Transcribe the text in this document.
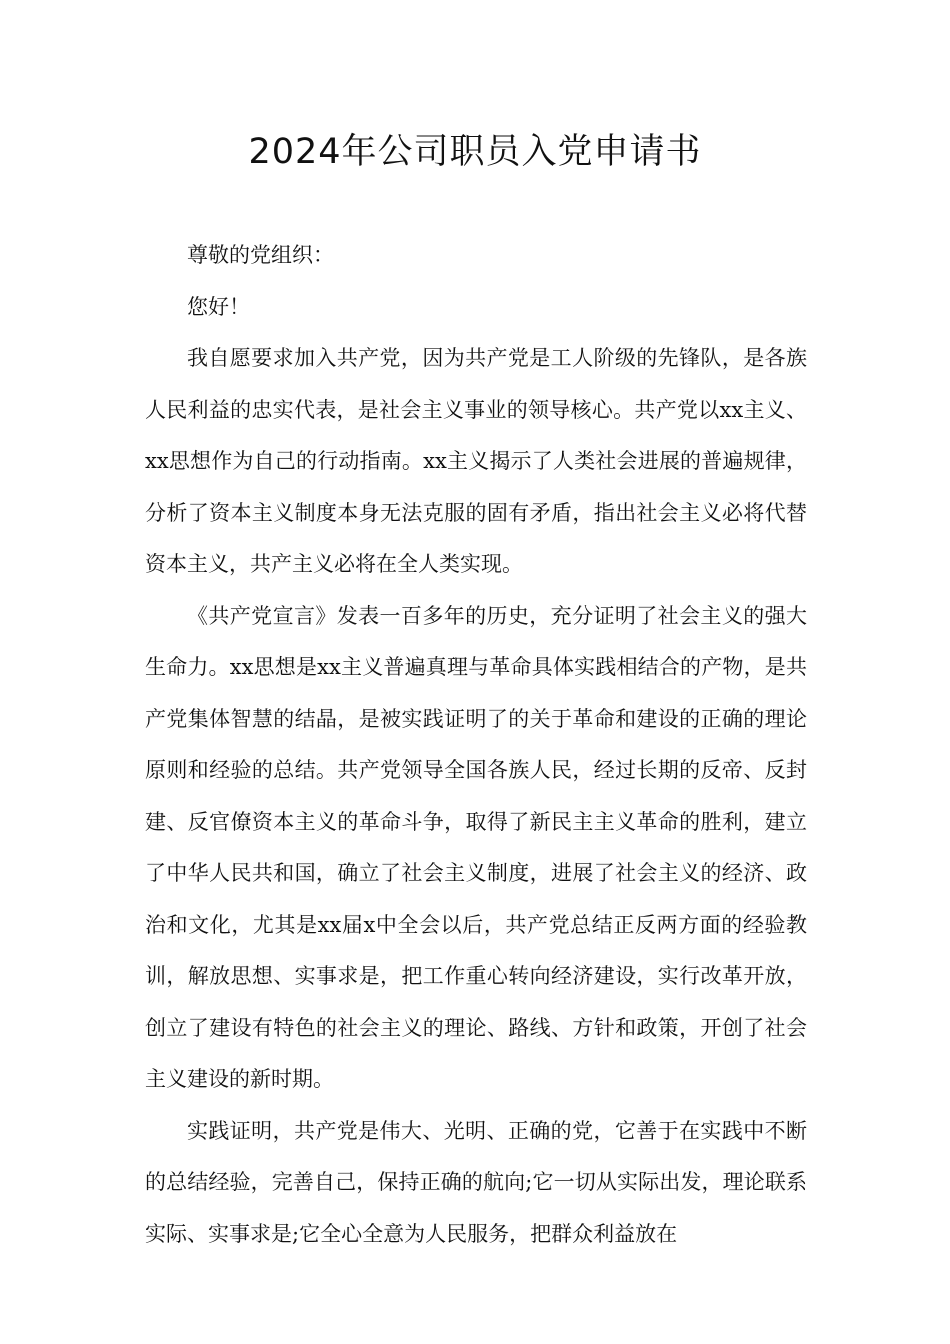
2024年公司职员入党申请书

尊敬的党组织：

您好！

我自愿要求加入共产党，因为共产党是工人阶级的先锋队，是各族人民利益的忠实代表，是社会主义事业的领导核心。共产党以xx主义、xx思想作为自己的行动指南。xx主义揭示了人类社会进展的普遍规律，分析了资本主义制度本身无法克服的固有矛盾，指出社会主义必将代替资本主义，共产主义必将在全人类实现。

《共产党宣言》发表一百多年的历史，充分证明了社会主义的强大生命力。xx思想是xx主义普遍真理与革命具体实践相结合的产物，是共产党集体智慧的结晶，是被实践证明了的关于革命和建设的正确的理论原则和经验的总结。共产党领导全国各族人民，经过长期的反帝、反封建、反官僚资本主义的革命斗争，取得了新民主主义革命的胜利，建立了中华人民共和国，确立了社会主义制度，进展了社会主义的经济、政治和文化，尤其是xx届x中全会以后，共产党总结正反两方面的经验教训，解放思想、实事求是，把工作重心转向经济建设，实行改革开放，创立了建设有特色的社会主义的理论、路线、方针和政策，开创了社会主义建设的新时期。

实践证明，共产党是伟大、光明、正确的党，它善于在实践中不断的总结经验，完善自己，保持正确的航向;它一切从实际出发，理论联系实际、实事求是;它全心全意为人民服务，把群众利益放在
